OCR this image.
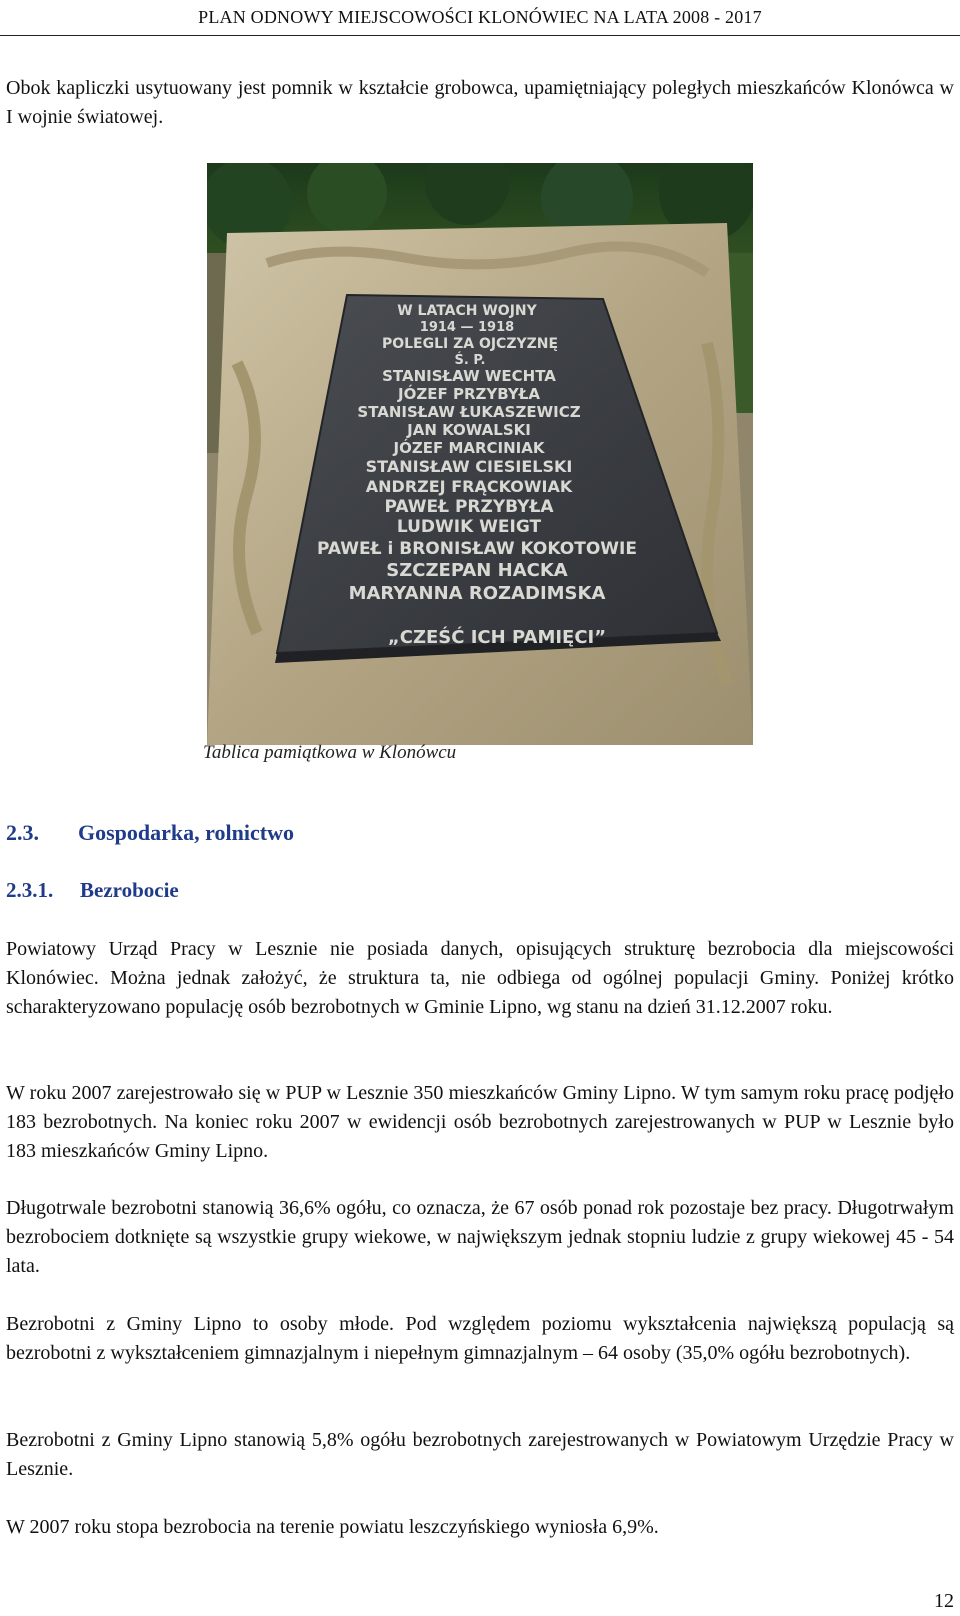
PLAN ODNOWY MIEJSCOWOŚCI KLONÓWIEC NA LATA 2008 - 2017
Obok kapliczki usytuowany jest pomnik w kształcie grobowca, upamiętniający poległych mieszkańców Klonówca w I wojnie światowej.
W LATACH WOJNY
1914 — 1918
POLEGLI ZA OJCZYZNĘ
Ś. P.
STANISŁAW WECHTA
JÓZEF PRZYBYŁA
STANISŁAW ŁUKASZEWICZ
JAN KOWALSKI
JÓZEF MARCINIAK
STANISŁAW CIESIELSKI
ANDRZEJ FRĄCKOWIAK
PAWEŁ PRZYBYŁA
LUDWIK WEIGT
PAWEŁ i BRONISŁAW KOKOTOWIE
SZCZEPAN HACKA
MARYANNA ROZADIMSKA
„CZEŚĆ ICH PAMIĘCI”
Tablica pamiątkowa w Klonówcu
2.3. Gospodarka, rolnictwo
2.3.1. Bezrobocie
Powiatowy Urząd Pracy w Lesznie nie posiada danych, opisujących strukturę bezrobocia dla miejscowości Klonówiec. Można jednak założyć, że struktura ta, nie odbiega od ogólnej populacji Gminy. Poniżej krótko scharakteryzowano populację osób bezrobotnych w Gminie Lipno, wg stanu na dzień 31.12.2007 roku.
W roku 2007 zarejestrowało się w PUP w Lesznie 350 mieszkańców Gminy Lipno. W tym samym roku pracę podjęło 183 bezrobotnych. Na koniec roku 2007 w ewidencji osób bezrobotnych zarejestrowanych w PUP w Lesznie było 183 mieszkańców Gminy Lipno.
Długotrwale bezrobotni stanowią 36,6% ogółu, co oznacza, że 67 osób ponad rok pozostaje bez pracy. Długotrwałym bezrobociem dotknięte są wszystkie grupy wiekowe, w największym jednak stopniu ludzie z grupy wiekowej 45 - 54 lata.
Bezrobotni z Gminy Lipno to osoby młode. Pod względem poziomu wykształcenia największą populacją są bezrobotni z wykształceniem gimnazjalnym i niepełnym gimnazjalnym – 64 osoby (35,0% ogółu bezrobotnych).
Bezrobotni z Gminy Lipno stanowią 5,8% ogółu bezrobotnych zarejestrowanych w Powiatowym Urzędzie Pracy w Lesznie.
W 2007 roku stopa bezrobocia na terenie powiatu leszczyńskiego wyniosła 6,9%.
12
